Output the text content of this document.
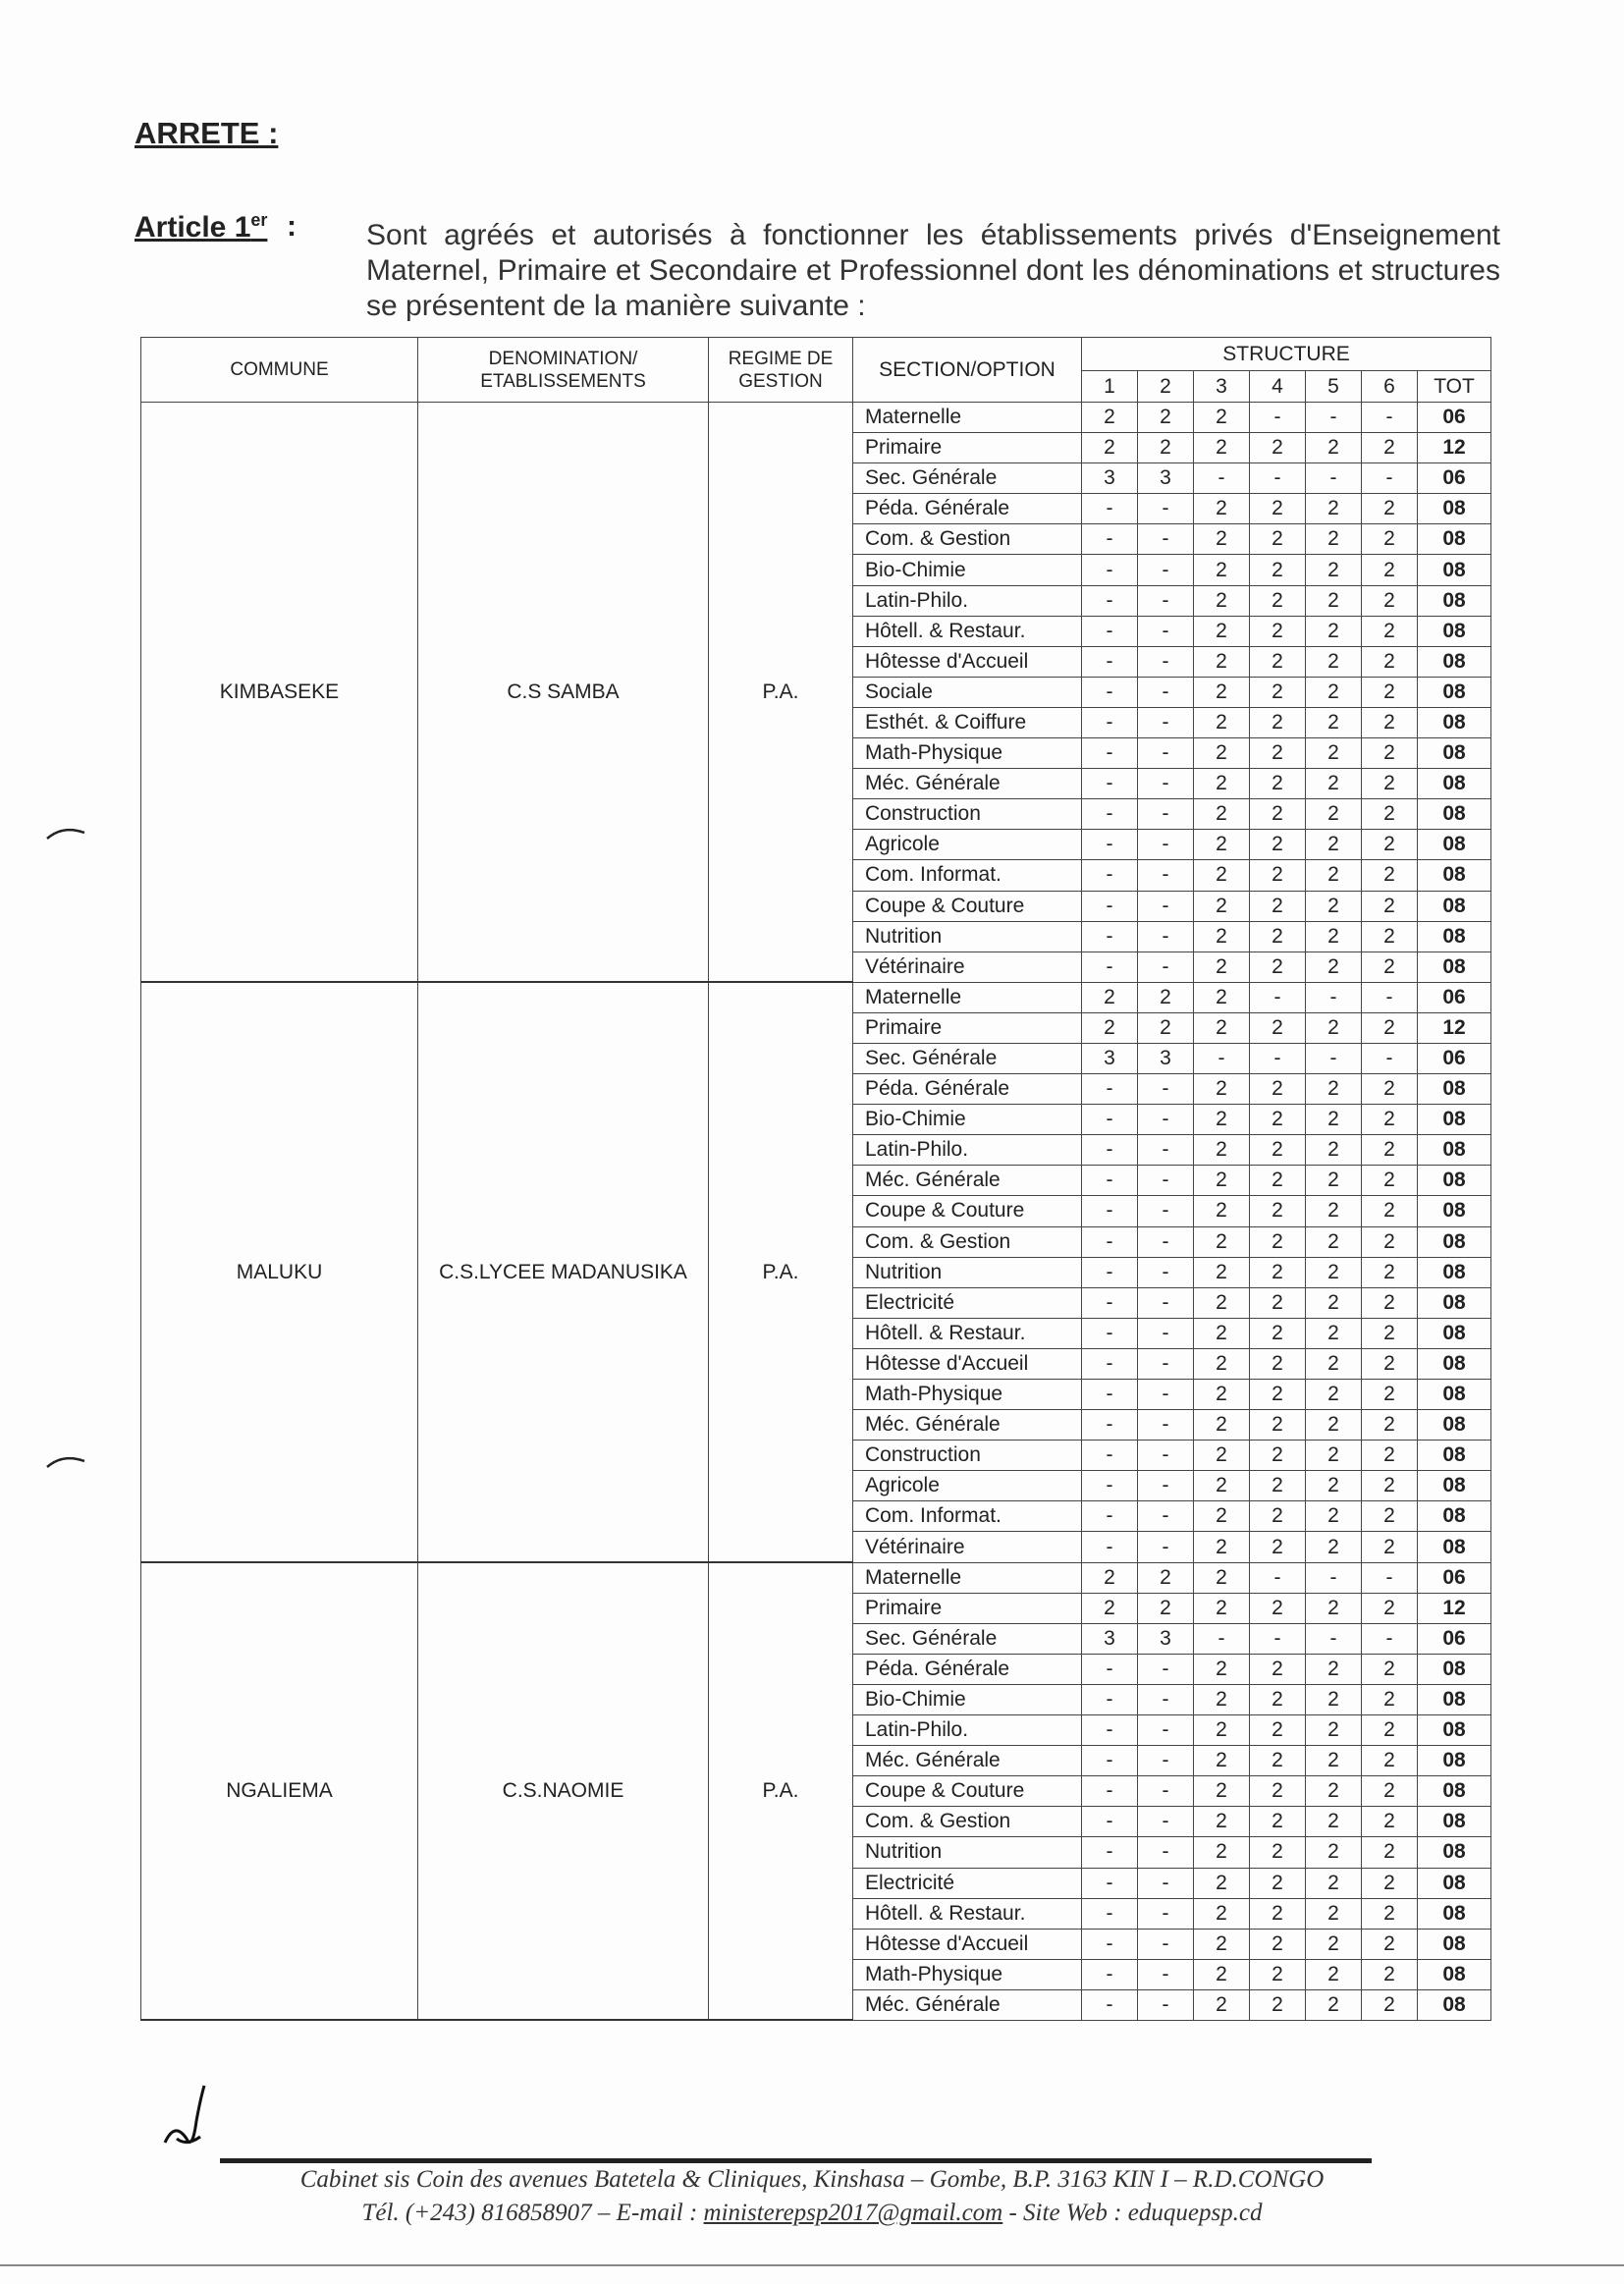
ARRETE :
Article 1er : Sont agréés et autorisés à fonctionner les établissements privés d'Enseignement Maternel, Primaire et Secondaire et Professionnel dont les dénominations et structures se présentent de la manière suivante :
COMMUNE	DENOMINATION/ ETABLISSEMENTS	REGIME DE GESTION	SECTION/OPTION	STRUCTURE						
				1	2	3	4	5	6	TOT
KIMBASEKE	C.S SAMBA	P.A.	Maternelle	2	2	2	-	-	-	06
			Primaire	2	2	2	2	2	2	12
			Sec. Générale	3	3	-	-	-	-	06
			Péda. Générale	-	-	2	2	2	2	08
			Com. & Gestion	-	-	2	2	2	2	08
			Bio-Chimie	-	-	2	2	2	2	08
			Latin-Philo.	-	-	2	2	2	2	08
			Hôtell. & Restaur.	-	-	2	2	2	2	08
			Hôtesse d'Accueil	-	-	2	2	2	2	08
			Sociale	-	-	2	2	2	2	08
			Esthét. & Coiffure	-	-	2	2	2	2	08
			Math-Physique	-	-	2	2	2	2	08
			Méc. Générale	-	-	2	2	2	2	08
			Construction	-	-	2	2	2	2	08
			Agricole	-	-	2	2	2	2	08
			Com. Informat.	-	-	2	2	2	2	08
			Coupe & Couture	-	-	2	2	2	2	08
			Nutrition	-	-	2	2	2	2	08
			Vétérinaire	-	-	2	2	2	2	08
MALUKU	C.S.LYCEE MADANUSIKA	P.A.	Maternelle	2	2	2	-	-	-	06
			Primaire	2	2	2	2	2	2	12
			Sec. Générale	3	3	-	-	-	-	06
			Péda. Générale	-	-	2	2	2	2	08
			Bio-Chimie	-	-	2	2	2	2	08
			Latin-Philo.	-	-	2	2	2	2	08
			Méc. Générale	-	-	2	2	2	2	08
			Coupe & Couture	-	-	2	2	2	2	08
			Com. & Gestion	-	-	2	2	2	2	08
			Nutrition	-	-	2	2	2	2	08
			Electricité	-	-	2	2	2	2	08
			Hôtell. & Restaur.	-	-	2	2	2	2	08
			Hôtesse d'Accueil	-	-	2	2	2	2	08
			Math-Physique	-	-	2	2	2	2	08
			Méc. Générale	-	-	2	2	2	2	08
			Construction	-	-	2	2	2	2	08
			Agricole	-	-	2	2	2	2	08
			Com. Informat.	-	-	2	2	2	2	08
			Vétérinaire	-	-	2	2	2	2	08
NGALIEMA	C.S.NAOMIE	P.A.	Maternelle	2	2	2	-	-	-	06
			Primaire	2	2	2	2	2	2	12
			Sec. Générale	3	3	-	-	-	-	06
			Péda. Générale	-	-	2	2	2	2	08
			Bio-Chimie	-	-	2	2	2	2	08
			Latin-Philo.	-	-	2	2	2	2	08
			Méc. Générale	-	-	2	2	2	2	08
			Coupe & Couture	-	-	2	2	2	2	08
			Com. & Gestion	-	-	2	2	2	2	08
			Nutrition	-	-	2	2	2	2	08
			Electricité	-	-	2	2	2	2	08
			Hôtell. & Restaur.	-	-	2	2	2	2	08
			Hôtesse d'Accueil	-	-	2	2	2	2	08
			Math-Physique	-	-	2	2	2	2	08
			Méc. Générale	-	-	2	2	2	2	08
Cabinet sis Coin des avenues Batetela & Cliniques, Kinshasa – Gombe, B.P. 3163 KIN I – R.D.CONGO
Tél. (+243) 816858907 – E-mail : ministerepsp2017@gmail.com - Site Web : eduquepsp.cd
